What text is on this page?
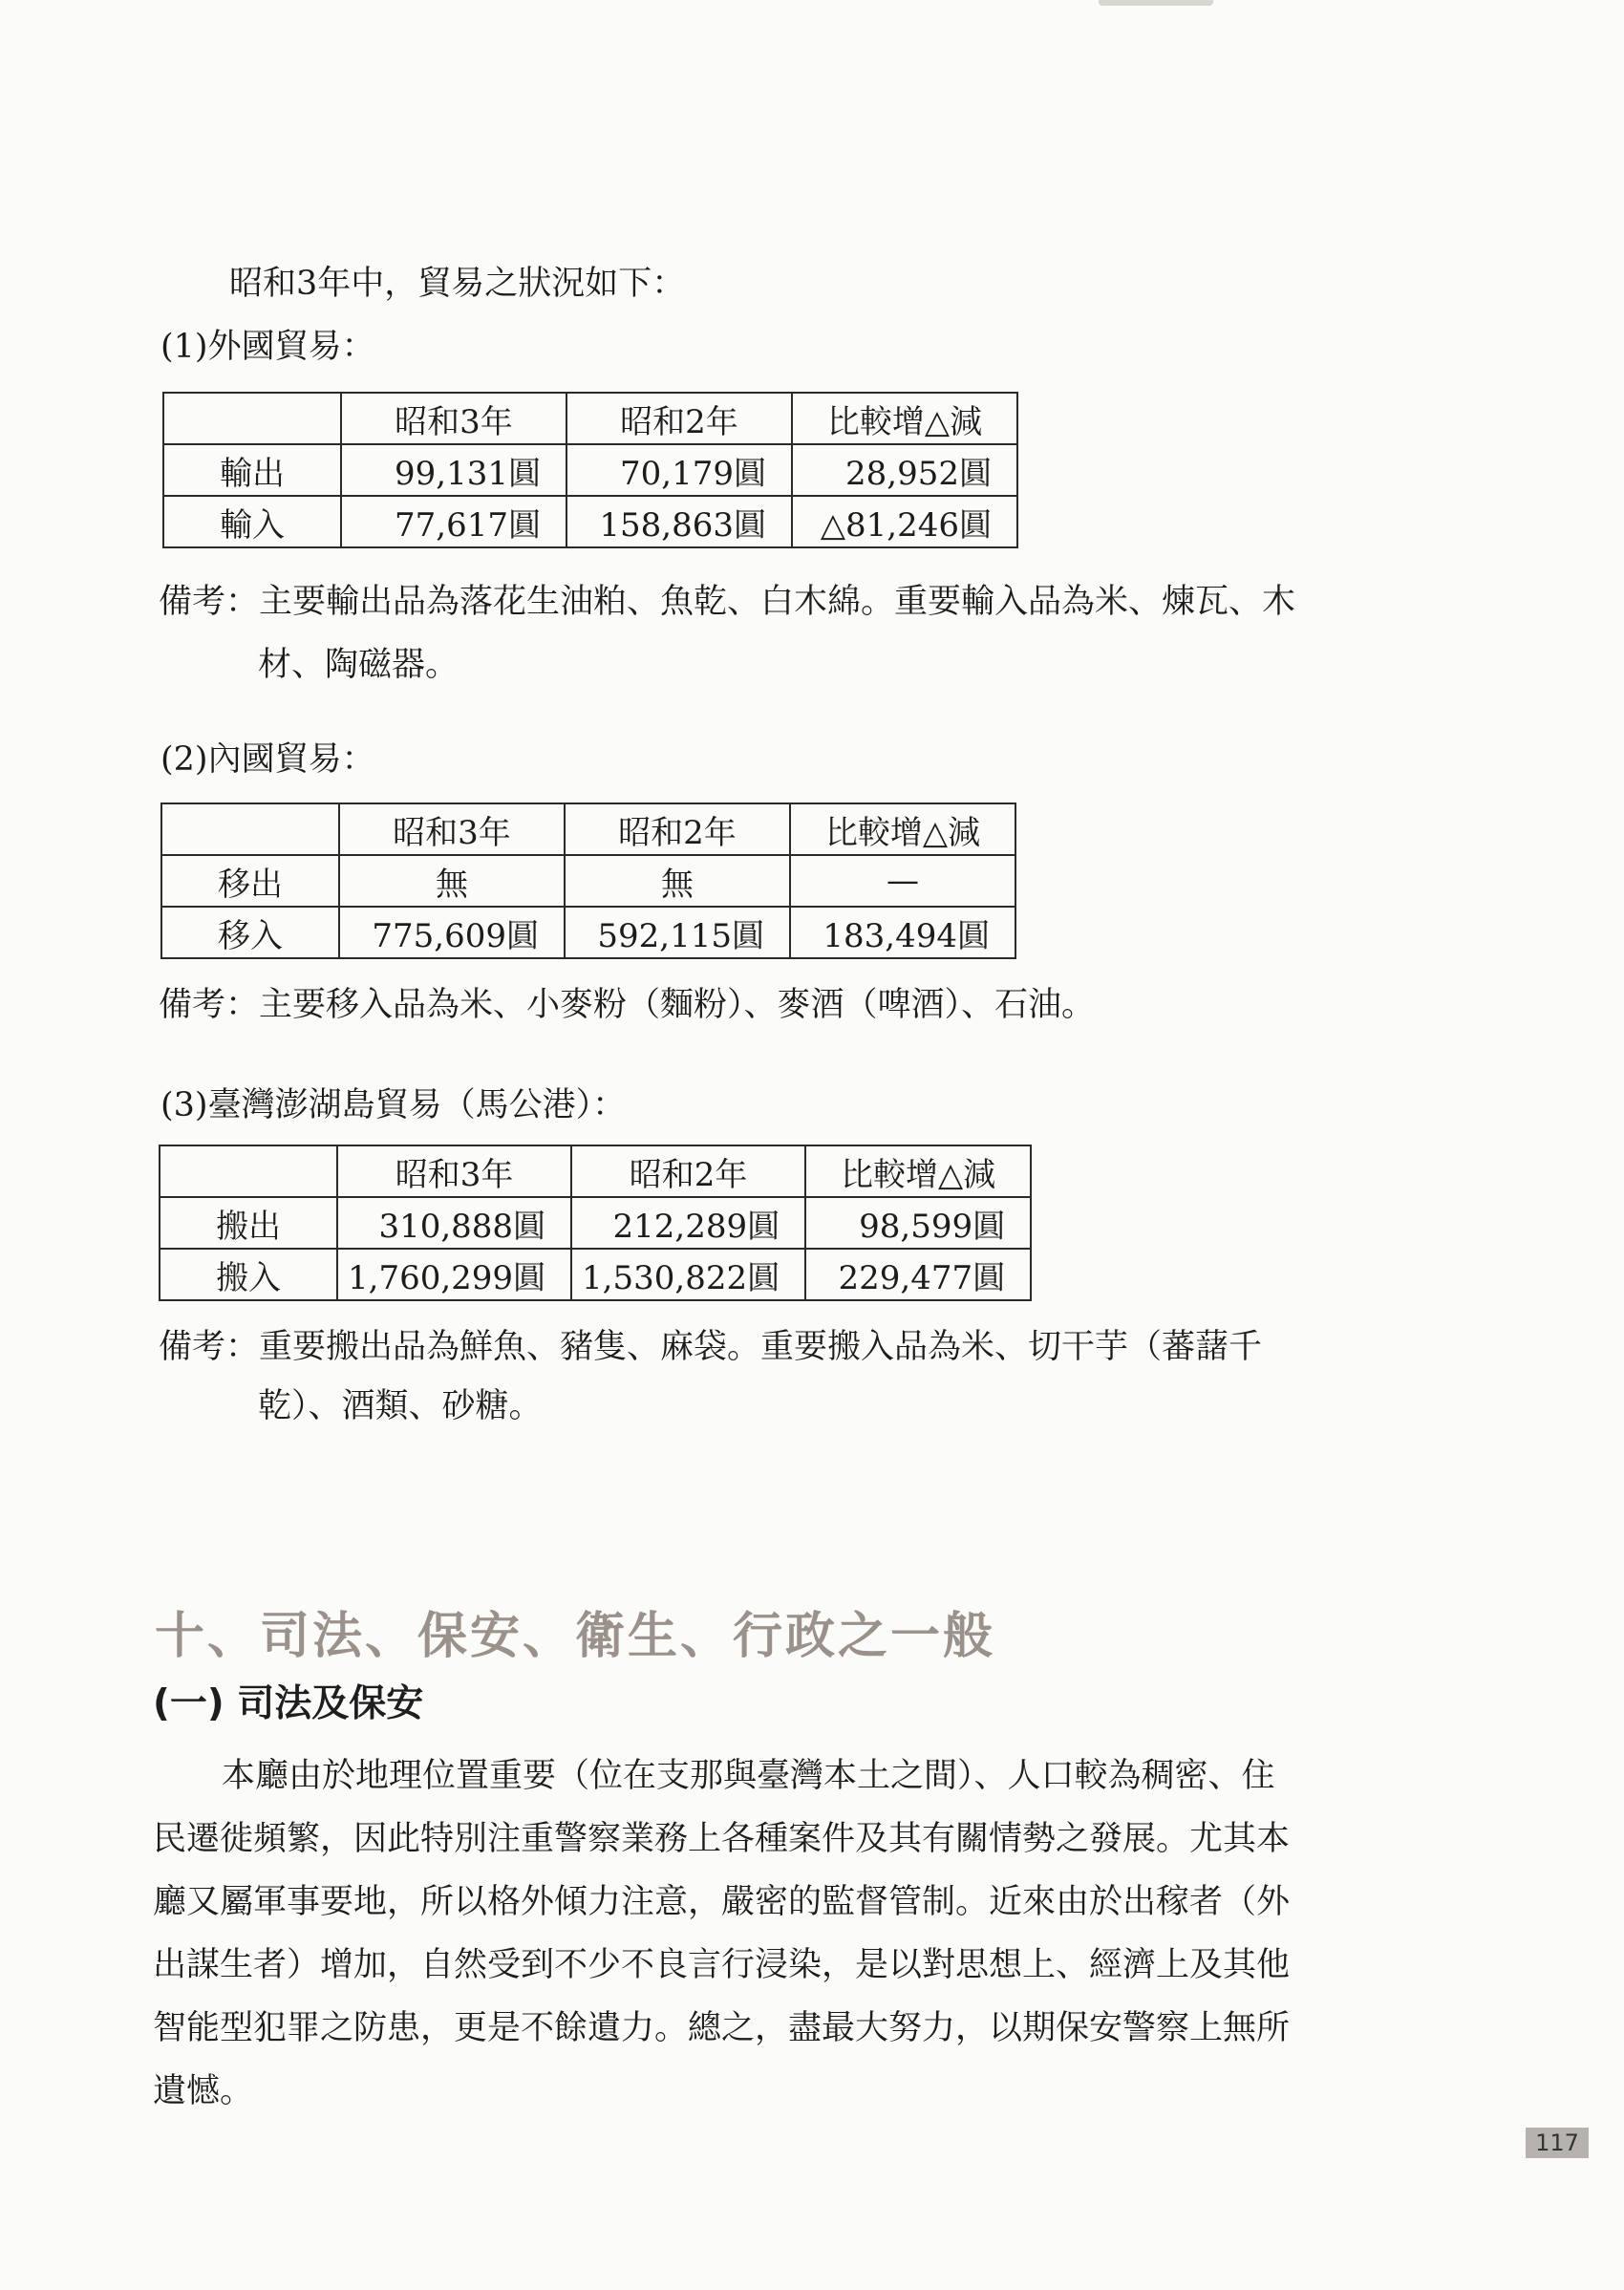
昭和3年中，貿易之狀況如下：
(1)外國貿易：
	昭和3年	昭和2年	比較增△減
輸出	99,131圓	70,179圓	28,952圓
輸入	77,617圓	158,863圓	△81,246圓
備考：主要輸出品為落花生油粕、魚乾、白木綿。重要輸入品為米、煉瓦、木
材、陶磁器。
(2)內國貿易：
	昭和3年	昭和2年	比較增△減
移出	無	無	—
移入	775,609圓	592,115圓	183,494圓
備考：主要移入品為米、小麥粉（麵粉）、麥酒（啤酒）、石油。
(3)臺灣澎湖島貿易（馬公港）：
	昭和3年	昭和2年	比較增△減
搬出	310,888圓	212,289圓	98,599圓
搬入	1,760,299圓	1,530,822圓	229,477圓
備考：重要搬出品為鮮魚、豬隻、麻袋。重要搬入品為米、切干芋（蕃藷千
乾）、酒類、砂糖。
十、司法、保安、衛生、行政之一般
(一) 司法及保安
本廳由於地理位置重要（位在支那與臺灣本土之間）、人口較為稠密、住
民遷徙頻繁，因此特別注重警察業務上各種案件及其有關情勢之發展。尤其本
廳又屬軍事要地，所以格外傾力注意，嚴密的監督管制。近來由於出稼者（外
出謀生者）增加，自然受到不少不良言行浸染，是以對思想上、經濟上及其他
智能型犯罪之防患，更是不餘遺力。總之，盡最大努力，以期保安警察上無所
遺憾。
117
